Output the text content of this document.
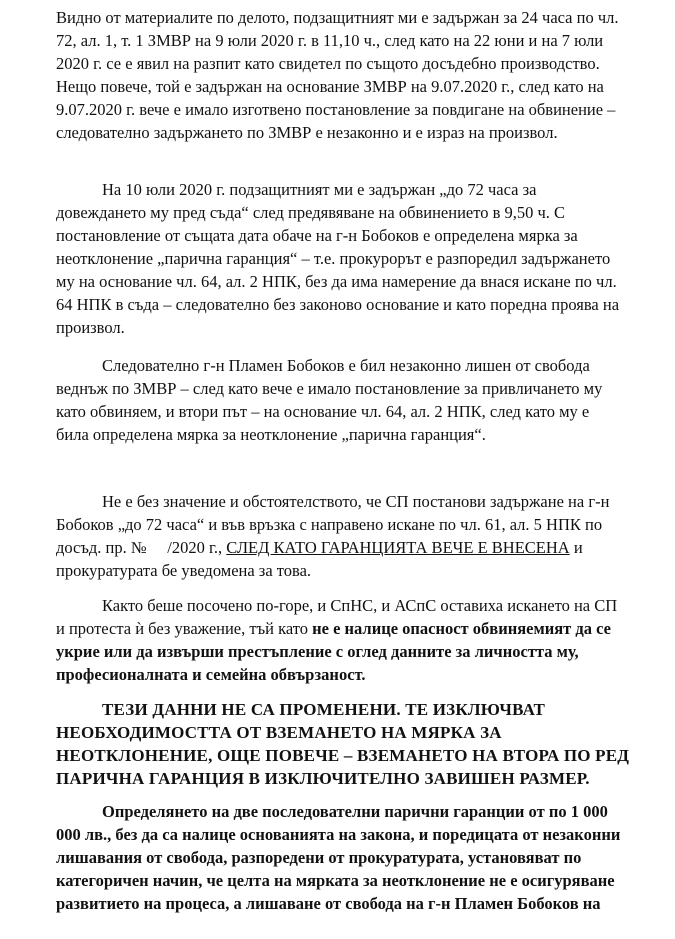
Видно от материалите по делото, подзащитният ми е задържан за 24 часа по чл.
72, ал. 1, т. 1 ЗМВР на 9 юли 2020 г. в 11,10 ч., след като на 22 юни и на 7 юли
2020 г. се е явил на разпит като свидетел по същото досъдебно производство.
Нещо повече, той е задържан на основание ЗМВР на 9.07.2020 г., след като на
9.07.2020 г. вече е имало изготвено постановление за повдигане на обвинение –
следователно задържането по ЗМВР е незаконно и е израз на произвол.
На 10 юли 2020 г. подзащитният ми е задържан „до 72 часа за
довеждането му пред съда“ след предявяване на обвинението в 9,50 ч. С
постановление от същата дата обаче на г-н Бобоков е определена мярка за
неотклонение „парична гаранция“ – т.е. прокурорът е разпоредил задържането
му на основание чл. 64, ал. 2 НПК, без да има намерение да внася искане по чл.
64 НПК в съда – следователно без законово основание и като поредна проява на
произвол.
Следователно г-н Пламен Бобоков е бил незаконно лишен от свобода
веднъж по ЗМВР – след като вече е имало постановление за привличането му
като обвиняем, и втори път – на основание чл. 64, ал. 2 НПК, след като му е
била определена мярка за неотклонение „парична гаранция“.
Не е без значение и обстоятелството, че СП постанови задържане на г-н
Бобоков „до 72 часа“ и във връзка с направено искане по чл. 61, ал. 5 НПК по
досъд. пр. №     /2020 г., СЛЕД КАТО ГАРАНЦИЯТА ВЕЧЕ Е ВНЕСЕНА и
прокуратурата бе уведомена за това.
Както беше посочено по-горе, и СпНС, и АСпС оставиха искането на СП
и протеста ѝ без уважение, тъй като не е налице опасност обвиняемият да се
укрие или да извърши престъпление с оглед данните за личността му,
професионалната и семейна обвързаност.
ТЕЗИ ДАННИ НЕ СА ПРОМЕНЕНИ. ТЕ ИЗКЛЮЧВАТ
НЕОБХОДИМОСТТА ОТ ВЗЕМАНЕТО НА МЯРКА ЗА
НЕОТКЛОНЕНИЕ, ОЩЕ ПОВЕЧЕ – ВЗЕМАНЕТО НА ВТОРА ПО РЕД
ПАРИЧНА ГАРАНЦИЯ В ИЗКЛЮЧИТЕЛНО ЗАВИШЕН РАЗМЕР.
Определянето на две последователни парични гаранции от по 1 000
000 лв., без да са налице основанията на закона, и поредицата от незаконни
лишавания от свобода, разпоредени от прокуратурата, установяват по
категоричен начин, че целта на мярката за неотклонение не е осигуряване
развитието на процеса, а лишаване от свобода на г-н Пламен Бобоков на
